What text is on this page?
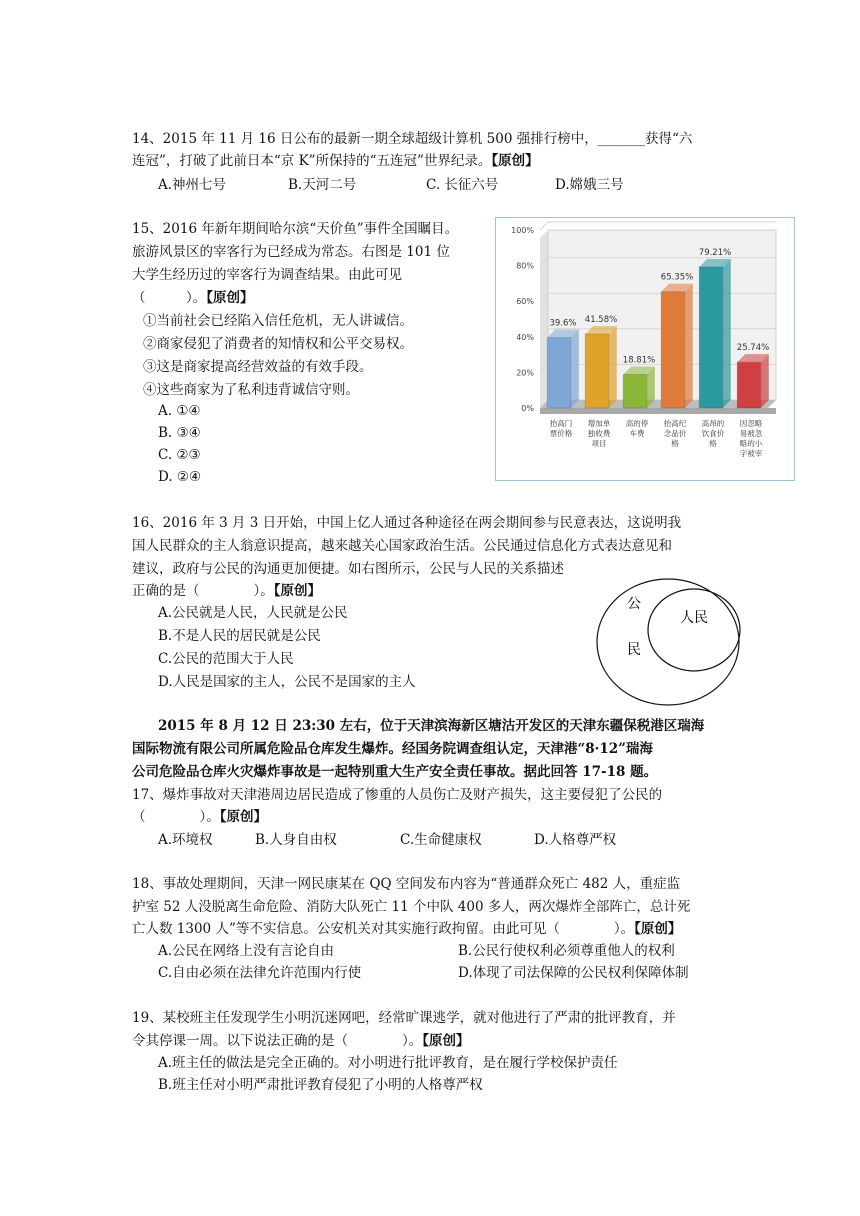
14、2015 年 11 月 16 日公布的最新一期全球超级计算机 500 强排行榜中，_______获得“六
连冠”，打破了此前日本“京 K”所保持的“五连冠”世界纪录。【原创】
A.神州七号	B.天河二号	C. 长征六号	D.嫦娥三号
15、2016 年新年期间哈尔滨“天价鱼”事件全国瞩目。
旅游风景区的宰客行为已经成为常态。右图是 101 位
大学生经历过的宰客行为调查结果。由此可见
（　　　）。【原创】
①当前社会已经陷入信任危机，无人讲诚信。
②商家侵犯了消费者的知情权和公平交易权。
③这是商家提高经营效益的有效手段。
④这些商家为了私利违背诚信守则。
A. ①④
B. ③④
C. ②③
D. ②④
0%
20%
40%
60%
80%
100%
39.6%
抬高门
票价格
41.58%
增加单
独收费
项目
18.81%
高的停
车费
65.35%
抬高纪
念品价
格
79.21%
高昂的
饮食价
格
25.74%
因忽略
易被忽
略的小
字被宰
16、2016 年 3 月 3 日开始，中国上亿人通过各种途径在两会期间参与民意表达，这说明我
国人民群众的主人翁意识提高，越来越关心国家政治生活。公民通过信息化方式表达意见和
建议，政府与公民的沟通更加便捷。如右图所示，公民与人民的关系描述
正确的是（　　　　）。【原创】
A.公民就是人民，人民就是公民
B.不是人民的居民就是公民
C.公民的范围大于人民
D.人民是国家的主人，公民不是国家的主人
公
民
人民
2015 年 8 月 12 日 23:30 左右，位于天津滨海新区塘沽开发区的天津东疆保税港区瑞海
国际物流有限公司所属危险品仓库发生爆炸。经国务院调查组认定，天津港“8·12”瑞海
公司危险品仓库火灾爆炸事故是一起特别重大生产安全责任事故。据此回答 17-18 题。
17、爆炸事故对天津港周边居民造成了惨重的人员伤亡及财产损失，这主要侵犯了公民的
（　　　　）。【原创】
A.环境权	B.人身自由权	C.生命健康权	D.人格尊严权
18、事故处理期间，天津一网民康某在 QQ 空间发布内容为“普通群众死亡 482 人，重症监
护室 52 人没脱离生命危险、消防大队死亡 11 个中队 400 多人，两次爆炸全部阵亡，总计死
亡人数 1300 人”等不实信息。公安机关对其实施行政拘留。由此可见（　　　　）。【原创】
A.公民在网络上没有言论自由	B.公民行使权利必须尊重他人的权利
C.自由必须在法律允许范围内行使	D.体现了司法保障的公民权利保障体制
19、某校班主任发现学生小明沉迷网吧，经常旷课逃学，就对他进行了严肃的批评教育，并
令其停课一周。以下说法正确的是（　　　　）。【原创】
A.班主任的做法是完全正确的。对小明进行批评教育，是在履行学校保护责任
B.班主任对小明严肃批评教育侵犯了小明的人格尊严权
